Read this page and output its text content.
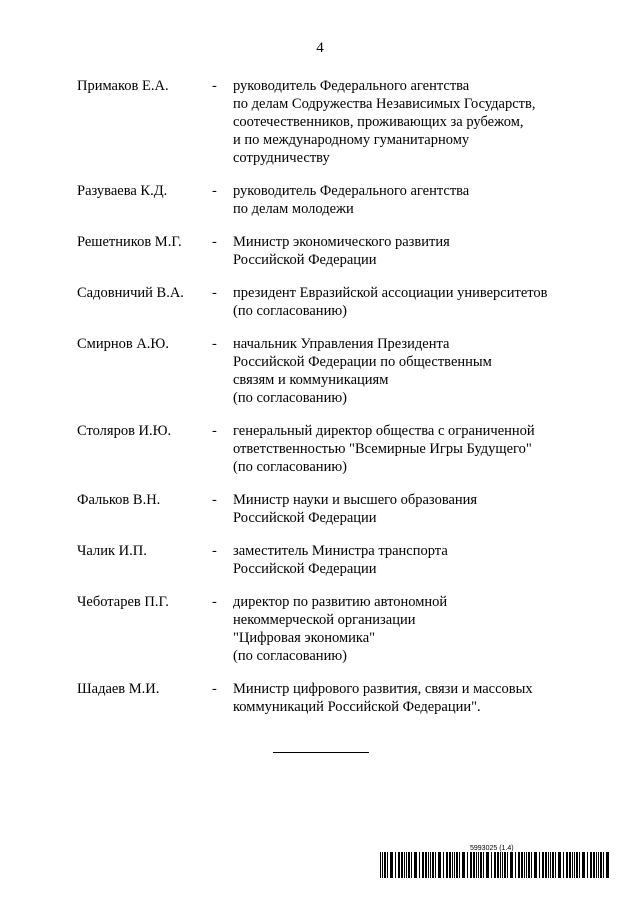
4
Примаков Е.А.	-	руководитель Федерального агентства
по делам Содружества Независимых Государств,
соотечественников, проживающих за рубежом,
и по международному гуманитарному
сотрудничеству
Разуваева К.Д.	-	руководитель Федерального агентства
по делам молодежи
Решетников М.Г.	-	Министр экономического развития
Российской Федерации
Садовничий В.А.	-	президент Евразийской ассоциации университетов
(по согласованию)
Смирнов А.Ю.	-	начальник Управления Президента
Российской Федерации по общественным
связям и коммуникациям
(по согласованию)
Столяров И.Ю.	-	генеральный директор общества с ограниченной
ответственностью "Всемирные Игры Будущего"
(по согласованию)
Фальков В.Н.	-	Министр науки и высшего образования
Российской Федерации
Чалик И.П.	-	заместитель Министра транспорта
Российской Федерации
Чеботарев П.Г.	-	директор по развитию автономной
некоммерческой организации
"Цифровая экономика"
(по согласованию)
Шадаев М.И.	-	Министр цифрового развития, связи и массовых
коммуникаций Российской Федерации".
5993025 (1.4)
